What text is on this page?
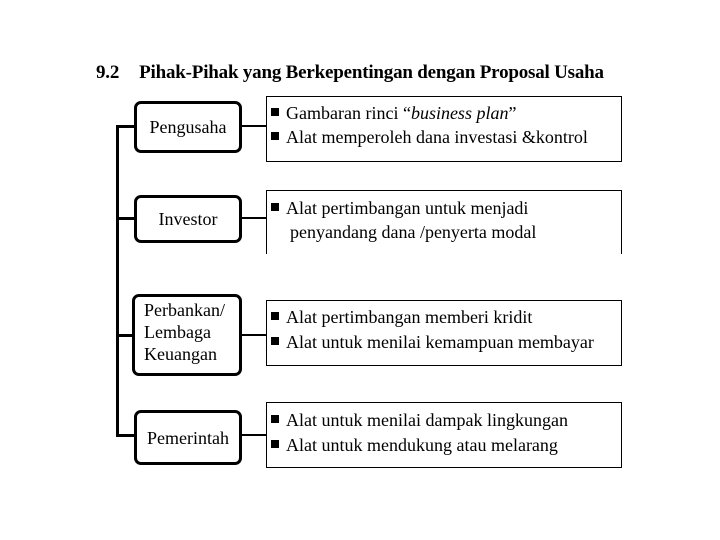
9.2 Pihak-Pihak yang Berkepentingan dengan Proposal Usaha
Pengusaha
Investor
Perbankan/
Lembaga
Keuangan
Pemerintah
Gambaran rinci “business plan”
Alat memperoleh dana investasi &kontrol
Alat pertimbangan untuk menjadi
penyandang dana /penyerta modal
Alat pertimbangan memberi kridit
Alat untuk menilai kemampuan membayar
Alat untuk menilai dampak lingkungan
Alat untuk mendukung atau melarang
